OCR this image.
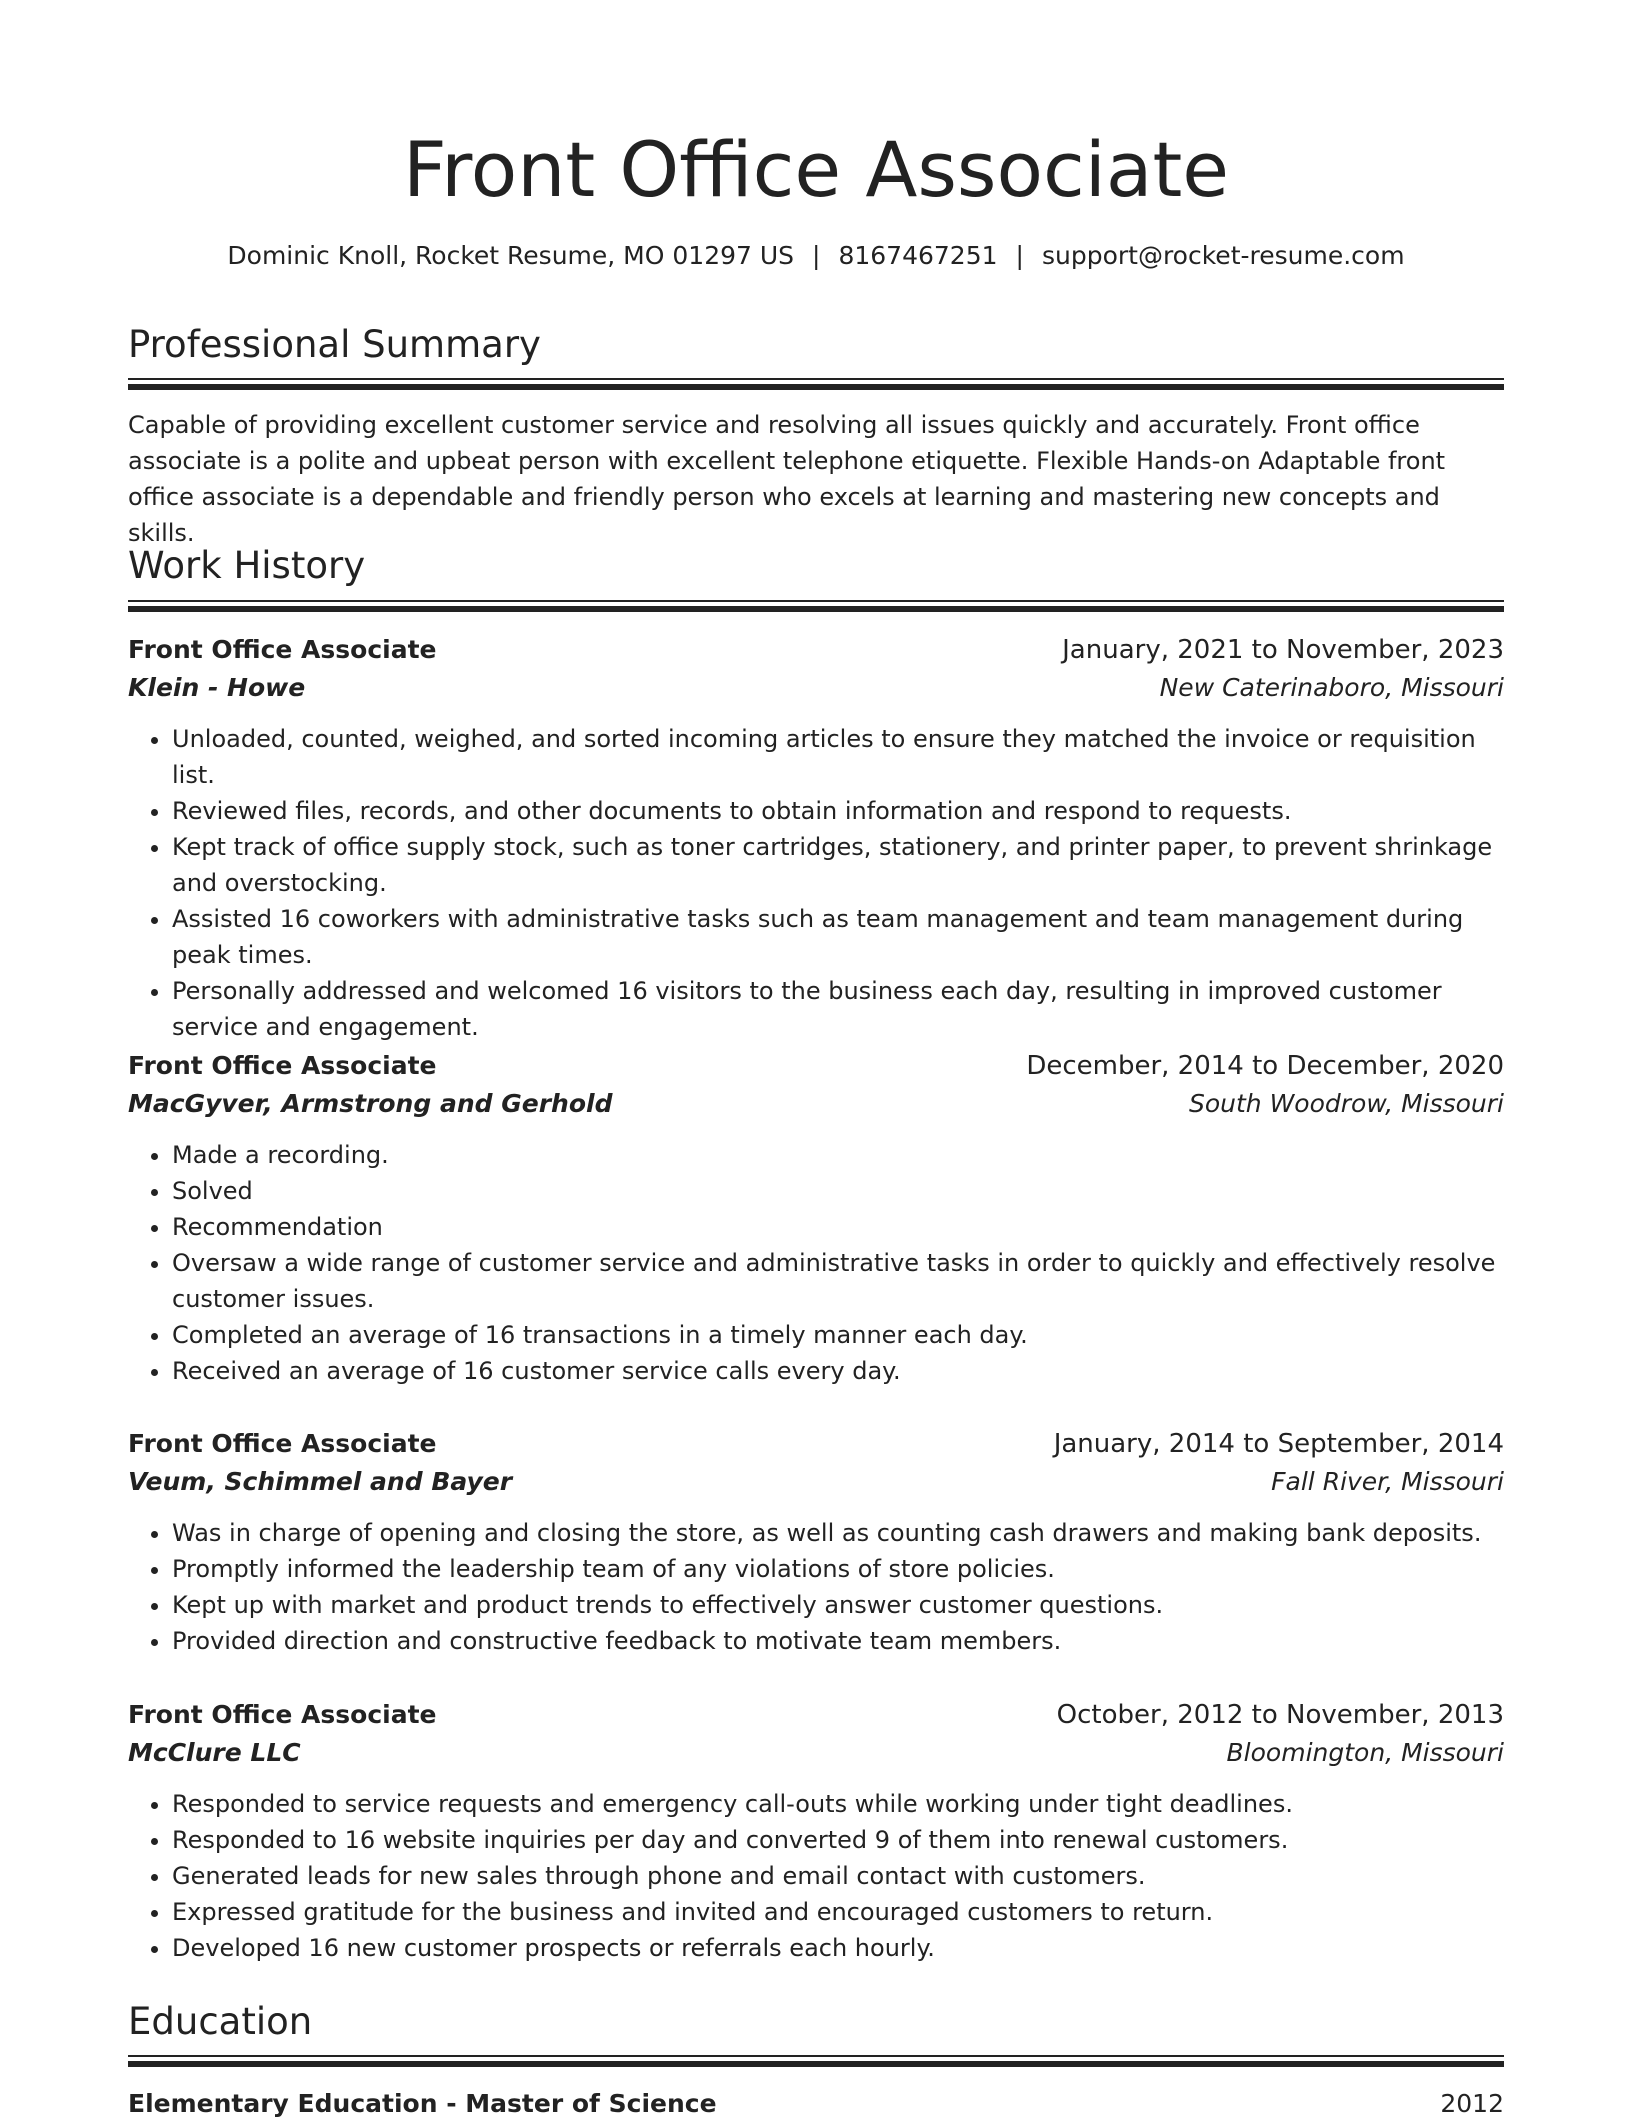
Front Office Associate
Dominic Knoll, Rocket Resume, MO 01297 US | 8167467251 | support@rocket-resume.com
Professional Summary

Capable of providing excellent customer service and resolving all issues quickly and accurately. Front office associate is a polite and upbeat person with excellent telephone etiquette. Flexible Hands-on Adaptable front office associate is a dependable and friendly person who excels at learning and mastering new concepts and skills.

Work History
Front Office Associate	January, 2021 to November, 2023
Klein - Howe	New Caterinaboro, Missouri
• Unloaded, counted, weighed, and sorted incoming articles to ensure they matched the invoice or requisition list.
• Reviewed files, records, and other documents to obtain information and respond to requests.
• Kept track of office supply stock, such as toner cartridges, stationery, and printer paper, to prevent shrinkage and overstocking.
• Assisted 16 coworkers with administrative tasks such as team management and team management during peak times.
• Personally addressed and welcomed 16 visitors to the business each day, resulting in improved customer service and engagement.
Front Office Associate	December, 2014 to December, 2020
MacGyver, Armstrong and Gerhold	South Woodrow, Missouri
• Made a recording.
• Solved
• Recommendation
• Oversaw a wide range of customer service and administrative tasks in order to quickly and effectively resolve customer issues.
• Completed an average of 16 transactions in a timely manner each day.
• Received an average of 16 customer service calls every day.
Front Office Associate	January, 2014 to September, 2014
Veum, Schimmel and Bayer	Fall River, Missouri
• Was in charge of opening and closing the store, as well as counting cash drawers and making bank deposits.
• Promptly informed the leadership team of any violations of store policies.
• Kept up with market and product trends to effectively answer customer questions.
• Provided direction and constructive feedback to motivate team members.
Front Office Associate	October, 2012 to November, 2013
McClure LLC	Bloomington, Missouri
• Responded to service requests and emergency call-outs while working under tight deadlines.
• Responded to 16 website inquiries per day and converted 9 of them into renewal customers.
• Generated leads for new sales through phone and email contact with customers.
• Expressed gratitude for the business and invited and encouraged customers to return.
• Developed 16 new customer prospects or referrals each hourly.
Education
Elementary Education - Master of Science	2012
